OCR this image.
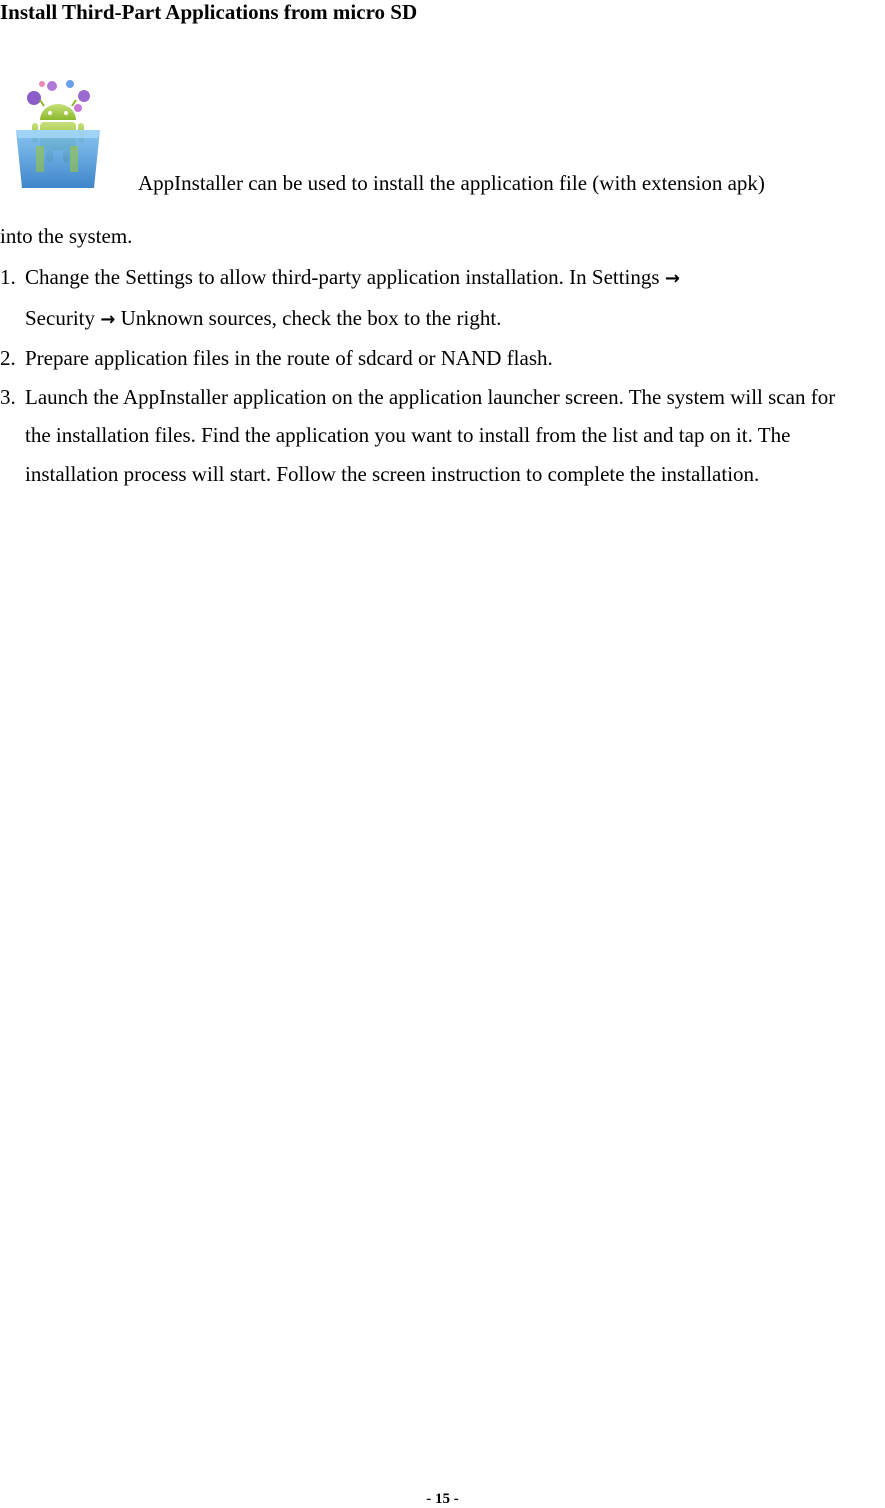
Install Third-Part Applications from micro SD
AppInstaller can be used to install the application file (with extension apk)
into the system.
1. Change the Settings to allow third-party application installation. In Settings →
Security → Unknown sources, check the box to the right.
2. Prepare application files in the route of sdcard or NAND flash.
3. Launch the AppInstaller application on the application launcher screen. The system will scan for the installation files. Find the application you want to install from the list and tap on it. The installation process will start. Follow the screen instruction to complete the installation.
- 15 -
